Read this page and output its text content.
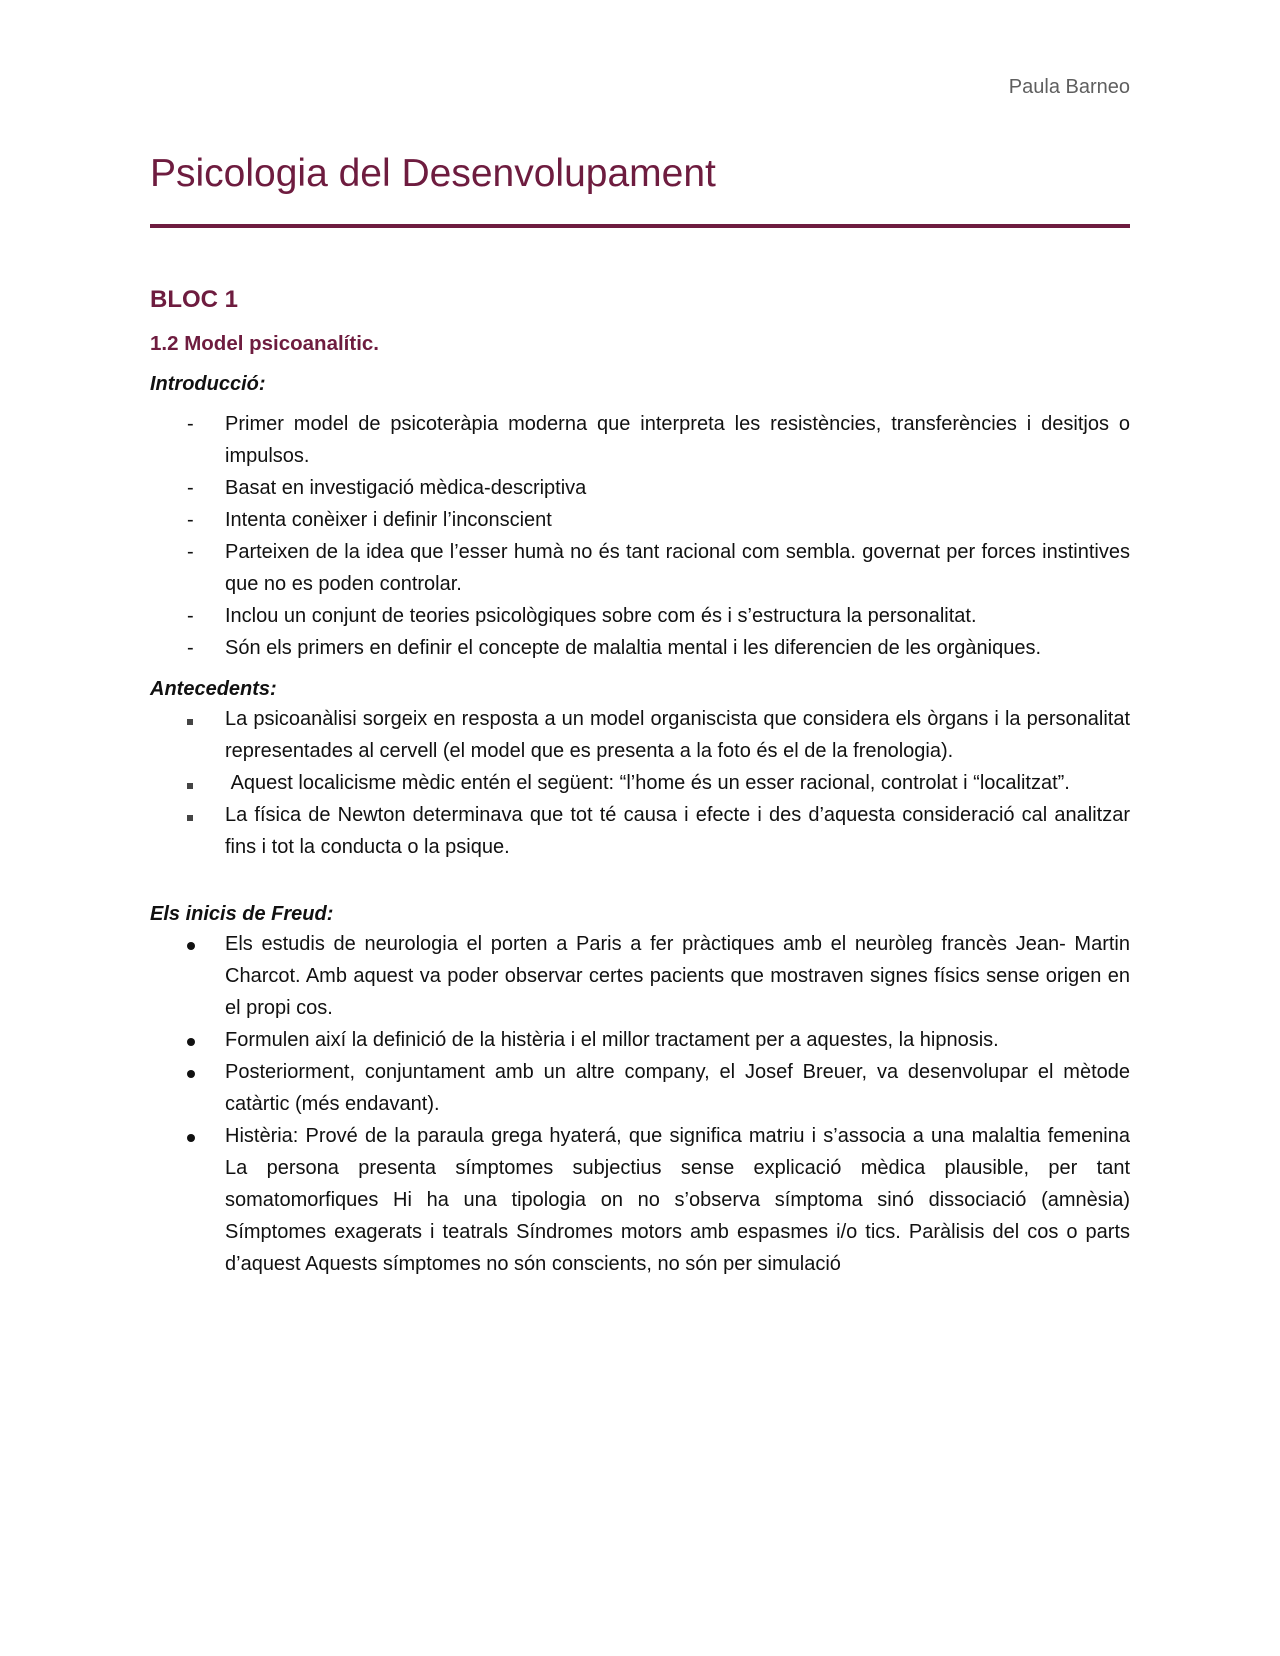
Paula Barneo
Psicologia del Desenvolupament
BLOC 1
1.2 Model psicoanalític.
Introducció:
-	Primer model de psicoteràpia moderna que interpreta les resistències, transferències i desitjos o impulsos.
-	Basat en investigació mèdica-descriptiva
-	Intenta conèixer i definir l’inconscient
-	Parteixen de la idea que l’esser humà no és tant racional com sembla. governat per forces instintives que no es poden controlar.
-	Inclou un conjunt de teories psicològiques sobre com és i s’estructura la personalitat.
-	Són els primers en definir el concepte de malaltia mental i les diferencien de les orgàniques.
Antecedents:
La psicoanàlisi sorgeix en resposta a un model organiscista que considera els òrgans i la personalitat representades al cervell (el model que es presenta a la foto és el de la frenologia).
Aquest localicisme mèdic entén el següent: “l’home és un esser racional, controlat i “localitzat”.
La física de Newton determinava que tot té causa i efecte i des d’aquesta consideració cal analitzar fins i tot la conducta o la psique.
Els inicis de Freud:
Els estudis de neurologia el porten a Paris a fer pràctiques amb el neuròleg francès Jean- Martin Charcot. Amb aquest va poder observar certes pacients que mostraven signes físics sense origen en el propi cos.
Formulen així la definició de la histèria i el millor tractament per a aquestes, la hipnosis.
Posteriorment, conjuntament amb un altre company, el Josef Breuer, va desenvolupar el mètode catàrtic (més endavant).
Histèria: Prové de la paraula grega hyaterá, que significa matriu i s’associa a una malaltia femenina La persona presenta símptomes subjectius sense explicació mèdica plausible, per tant somatomorfiques Hi ha una tipologia on no s’observa símptoma sinó dissociació (amnèsia) Símptomes exagerats i teatrals Síndromes motors amb espasmes i/o tics. Paràlisis del cos o parts d’aquest Aquests símptomes no són conscients, no són per simulació
